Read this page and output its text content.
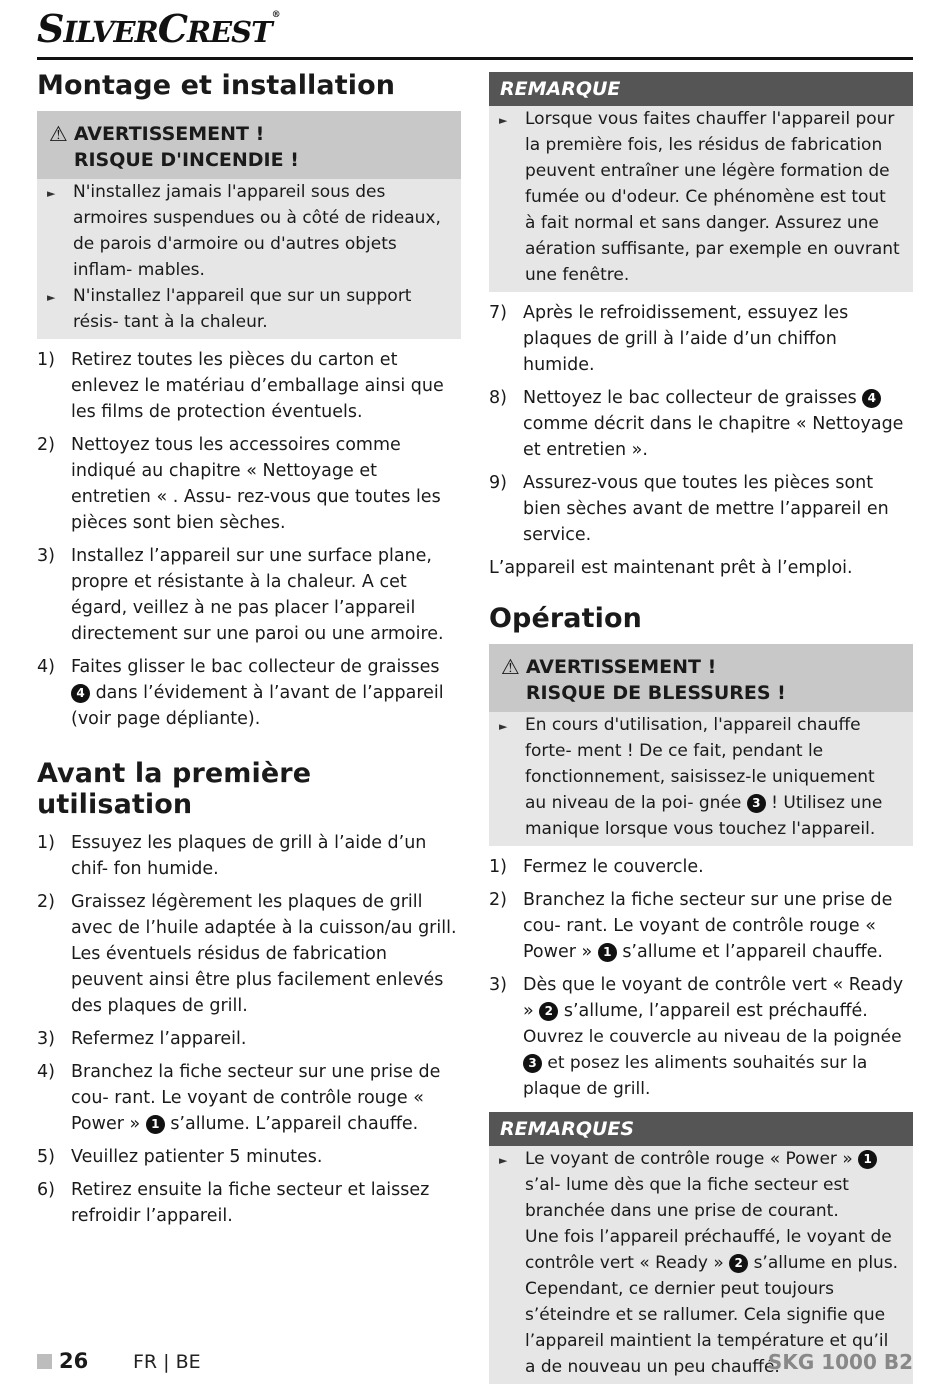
SILVERCREST®
Montage et installation
⚠ AVERTISSEMENT !
RISQUE D'INCENDIE !
►	N'installez jamais l'appareil sous des armoires suspendues ou à côté de rideaux, de parois d'armoire ou d'autres objets inflam- mables.
►	N'installez l'appareil que sur un support résis- tant à la chaleur.
1) Retirez toutes les pièces du carton et enlevez le matériau d’emballage ainsi que les films de protection éventuels.
2) Nettoyez tous les accessoires comme indiqué au chapitre « Nettoyage et entretien « . Assu- rez-vous que toutes les pièces sont bien sèches.
3) Installez l’appareil sur une surface plane, propre et résistante à la chaleur. A cet égard, veillez à ne pas placer l’appareil directement sur une paroi ou une armoire.
4) Faites glisser le bac collecteur de graisses 4 dans l’évidement à l’avant de l’appareil (voir page dépliante).
Avant la première utilisation
1) Essuyez les plaques de grill à l’aide d’un chif- fon humide.
2) Graissez légèrement les plaques de grill avec de l’huile adaptée à la cuisson/au grill. Les éventuels résidus de fabrication peuvent ainsi être plus facilement enlevés des plaques de grill.
3) Refermez l’appareil.
4) Branchez la fiche secteur sur une prise de cou- rant. Le voyant de contrôle rouge « Power » 1 s’allume. L’appareil chauffe.
5) Veuillez patienter 5 minutes.
6) Retirez ensuite la fiche secteur et laissez refroidir l’appareil.
REMARQUE
►	Lorsque vous faites chauffer l'appareil pour la première fois, les résidus de fabrication peuvent entraîner une légère formation de fumée ou d'odeur. Ce phénomène est tout à fait normal et sans danger. Assurez une aération suffisante, par exemple en ouvrant une fenêtre.
7) Après le refroidissement, essuyez les plaques de grill à l’aide d’un chiffon humide.
8) Nettoyez le bac collecteur de graisses 4 comme décrit dans le chapitre « Nettoyage et entretien ».
9) Assurez-vous que toutes les pièces sont bien sèches avant de mettre l’appareil en service.
L’appareil est maintenant prêt à l’emploi.
Opération
⚠ AVERTISSEMENT !
RISQUE DE BLESSURES !
►	En cours d'utilisation, l'appareil chauffe forte- ment ! De ce fait, pendant le fonctionnement, saisissez-le uniquement au niveau de la poi- gnée 3 ! Utilisez une manique lorsque vous touchez l'appareil.
1) Fermez le couvercle.
2) Branchez la fiche secteur sur une prise de cou- rant. Le voyant de contrôle rouge « Power » 1 s’allume et l’appareil chauffe.
3) Dès que le voyant de contrôle vert « Ready » 2 s’allume, l’appareil est préchauffé.
Ouvrez le couvercle au niveau de la poignée 3 et posez les aliments souhaités sur la plaque de grill.
REMARQUES
►	Le voyant de contrôle rouge « Power » 1 s’al- lume dès que la fiche secteur est branchée dans une prise de courant.
Une fois l’appareil préchauffé, le voyant de contrôle vert « Ready » 2 s’allume en plus.
Cependant, ce dernier peut toujours s’éteindre et se rallumer. Cela signifie que l’appareil maintient la température et qu’il a de nouveau un peu chauffé.
26 FR | BE	SKG 1000 B2
